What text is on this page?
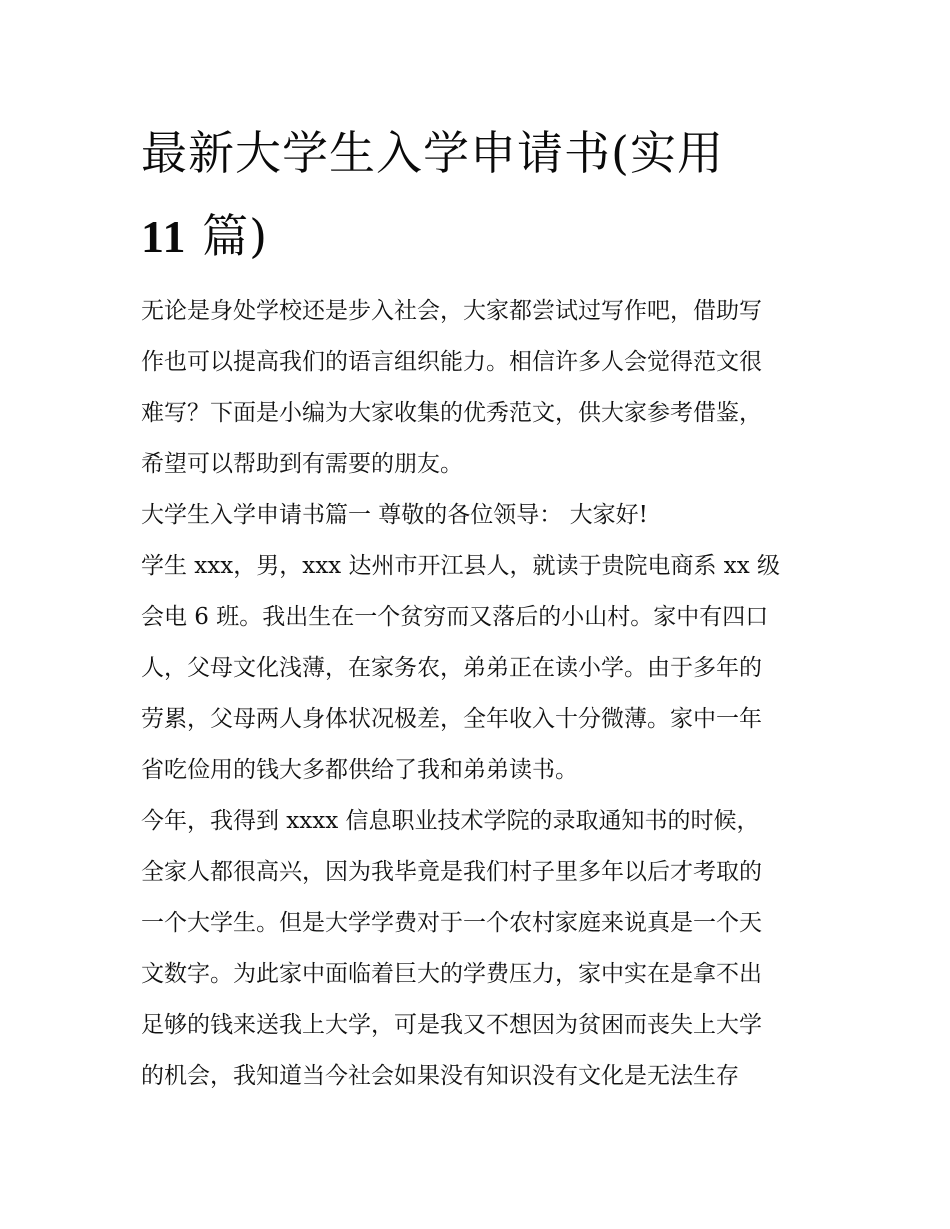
最新大学生入学申请书(实用
11 篇)
无论是身处学校还是步入社会，大家都尝试过写作吧，借助写
作也可以提高我们的语言组织能力。相信许多人会觉得范文很
难写？下面是小编为大家收集的优秀范文，供大家参考借鉴，
希望可以帮助到有需要的朋友。
大学生入学申请书篇一 尊敬的各位领导： 大家好!
学生 xxx，男，xxx 达州市开江县人，就读于贵院电商系 xx 级
会电 6 班。我出生在一个贫穷而又落后的小山村。家中有四口
人，父母文化浅薄，在家务农，弟弟正在读小学。由于多年的
劳累，父母两人身体状况极差，全年收入十分微薄。家中一年
省吃俭用的钱大多都供给了我和弟弟读书。
今年，我得到 xxxx 信息职业技术学院的录取通知书的时候，
全家人都很高兴，因为我毕竟是我们村子里多年以后才考取的
一个大学生。但是大学学费对于一个农村家庭来说真是一个天
文数字。为此家中面临着巨大的学费压力，家中实在是拿不出
足够的钱来送我上大学，可是我又不想因为贫困而丧失上大学
的机会，我知道当今社会如果没有知识没有文化是无法生存
